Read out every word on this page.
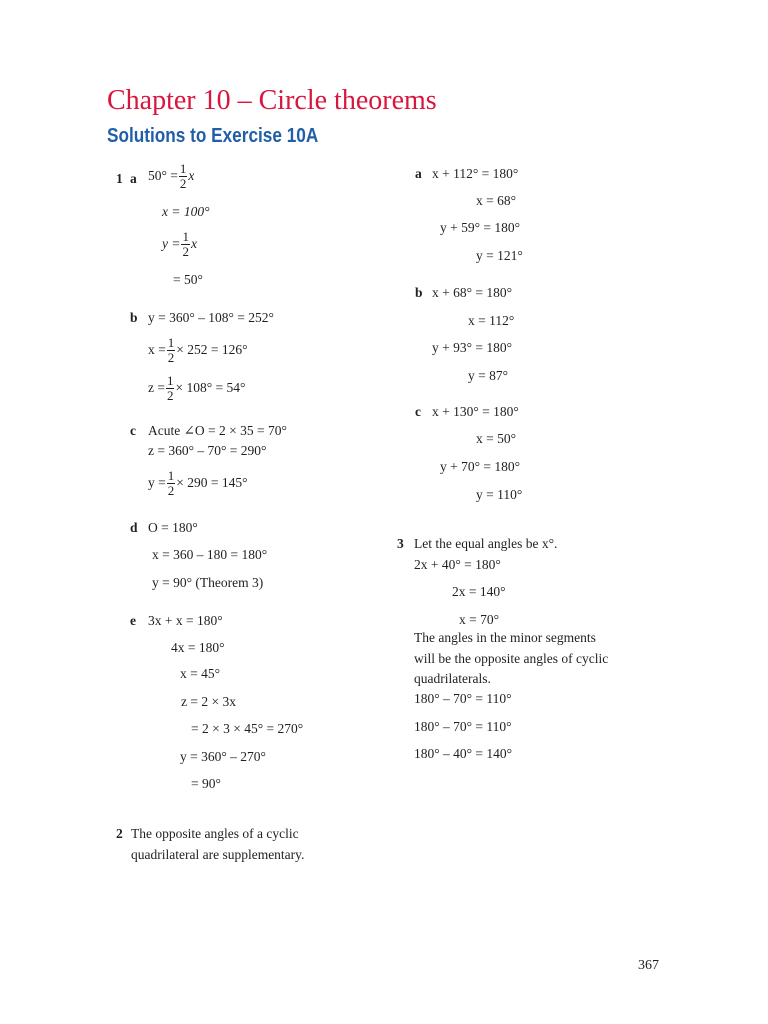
Chapter 10 – Circle theorems
Solutions to Exercise 10A
1 a $50^\circ = \frac{1}{2}$ x
x = 100°
$y = \frac{1}{2}$ x
= 50°
b y = 360° – 108° = 252°
$x = \frac{1}{2} \times 252 = 126^\circ$
$z = \frac{1}{2} \times 108^\circ = 54^\circ$
c Acute ∠O = 2 × 35 = 70°
z = 360° – 70° = 290°
$y = \frac{1}{2} \times 290 = 145^\circ$
d O = 180°
x = 360 – 180 = 180°
y = 90° (Theorem 3)
e 3x + x = 180°
4x = 180°
x = 45°
z = 2 × 3x
= 2 × 3 × 45° = 270°
y = 360° – 270°
= 90°
2 The opposite angles of a cyclic
quadrilateral are supplementary.
a x + 112° = 180°
x = 68°
y + 59° = 180°
y = 121°
b x + 68° = 180°
x = 112°
y + 93° = 180°
y = 87°
c x + 130° = 180°
x = 50°
y + 70° = 180°
y = 110°
3 Let the equal angles be x°.
2x + 40° = 180°
2x = 140°
x = 70°
The angles in the minor segments
will be the opposite angles of cyclic
quadrilaterals.
180° – 70° = 110°
180° – 70° = 110°
180° – 40° = 140°
367
